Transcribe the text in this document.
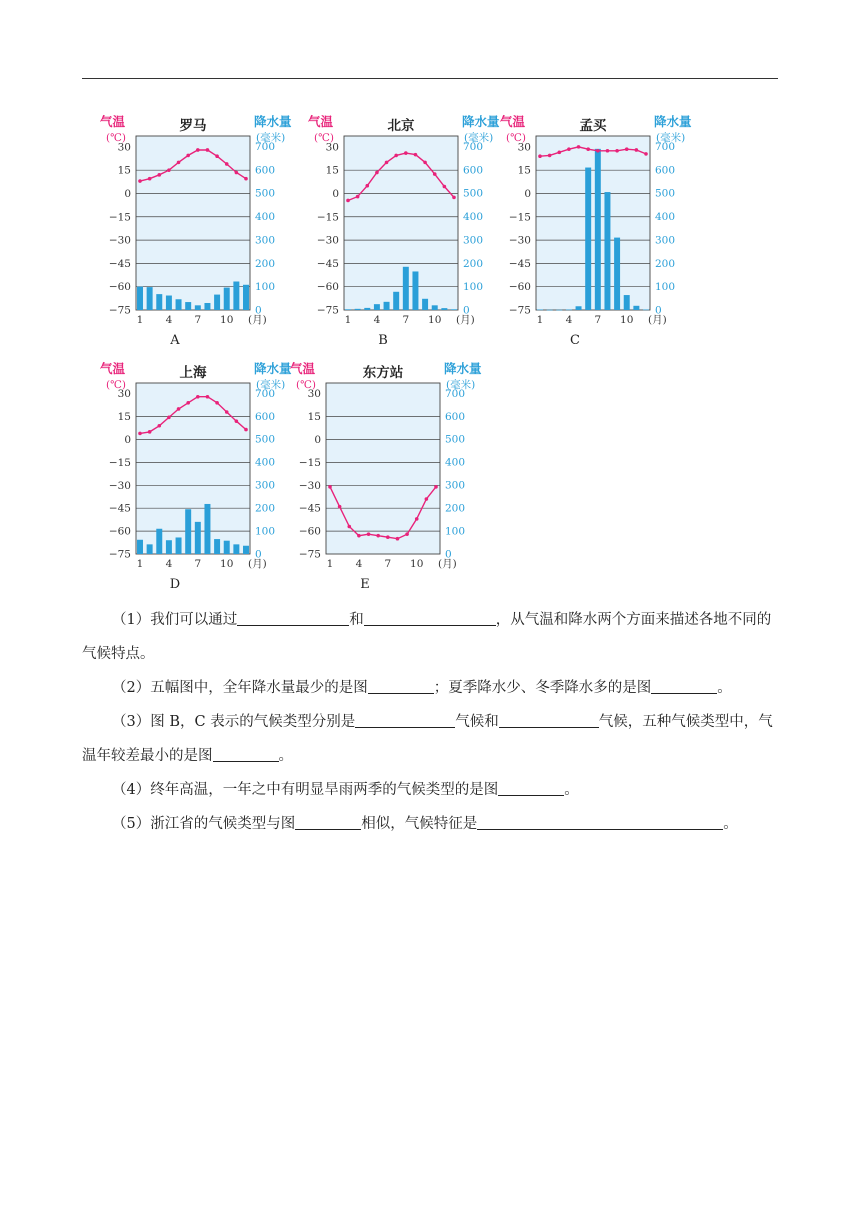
罗马
气温
(℃)
降水量
(毫米)
30
15
0
−15
−30
−45
−60
−75
700
600
500
400
300
200
100
0
1 4 7 10 (月)
A
北京
气温
(℃)
降水量
(毫米)
30
15
0
−15
−30
−45
−60
−75
700
600
500
400
300
200
100
0
1 4 7 10 (月)
B
孟买
气温
(℃)
降水量
(毫米)
30
15
0
−15
−30
−45
−60
−75
700
600
500
400
300
200
100
0
1 4 7 10 (月)
C
上海
气温
(℃)
降水量
(毫米)
30
15
0
−15
−30
−45
−60
−75
700
600
500
400
300
200
100
0
1 4 7 10 (月)
D
东方站
气温
(℃)
降水量
(毫米)
30
15
0
−15
−30
−45
−60
−75
700
600
500
400
300
200
100
0
1 4 7 10 (月)
E

（1）我们可以通过	和	，从气温和降水两个方面来描述各地不同的气候特点。

（2）五幅图中，全年降水量最少的是图	；夏季降水少、冬季降水多的是图	。

（3）图 B，C 表示的气候类型分别是	气候和	气候，五种气候类型中，气温年较差最小的是图	。

（4）终年高温，一年之中有明显旱雨两季的气候类型的是图	。

（5）浙江省的气候类型与图	相似，气候特征是	。
